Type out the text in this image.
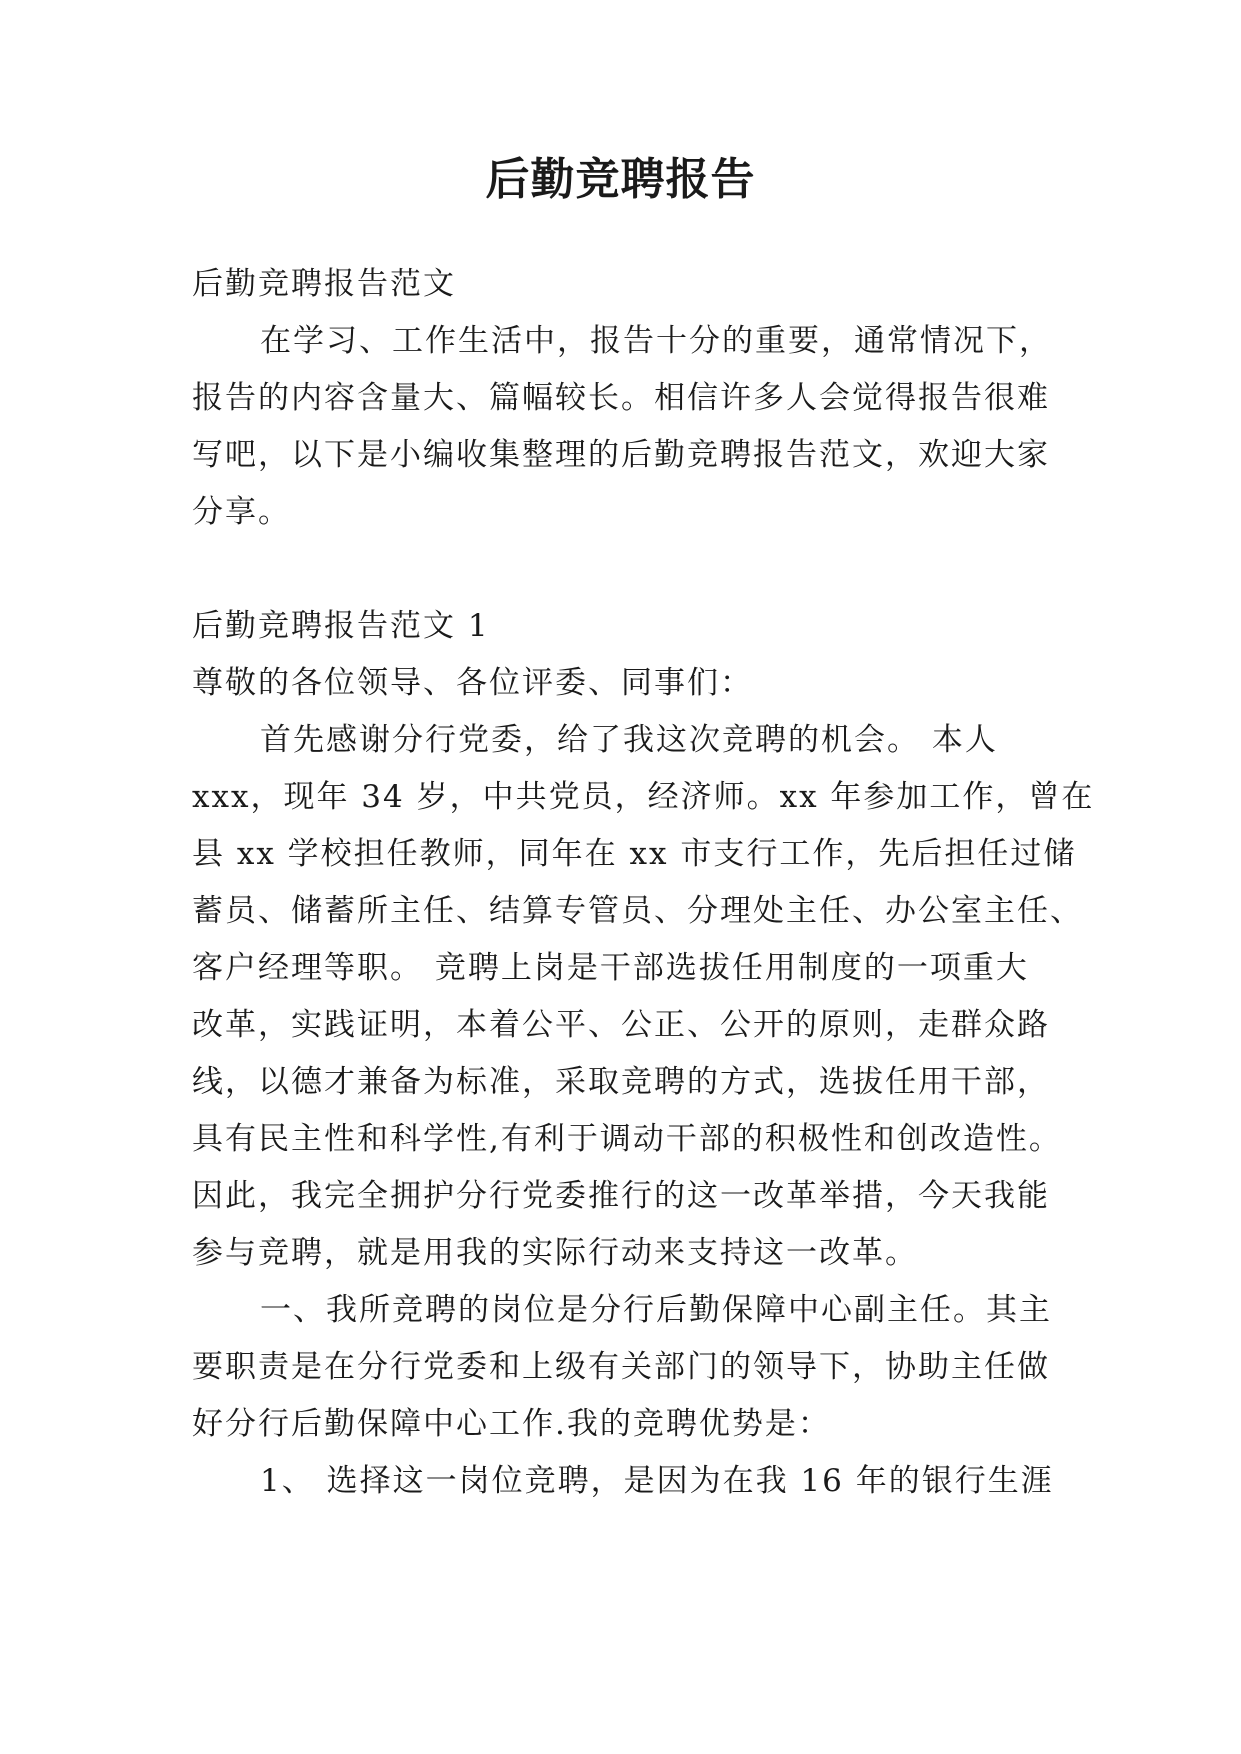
后勤竞聘报告
后勤竞聘报告范文
在学习、工作生活中，报告十分的重要，通常情况下，
报告的内容含量大、篇幅较长。相信许多人会觉得报告很难
写吧，以下是小编收集整理的后勤竞聘报告范文，欢迎大家
分享。
后勤竞聘报告范文 1
尊敬的各位领导、各位评委、同事们：
首先感谢分行党委，给了我这次竞聘的机会。 本人
xxx，现年 34 岁，中共党员，经济师。xx 年参加工作，曾在
县 xx 学校担任教师，同年在 xx 市支行工作，先后担任过储
蓄员、储蓄所主任、结算专管员、分理处主任、办公室主任、
客户经理等职。 竞聘上岗是干部选拔任用制度的一项重大
改革，实践证明，本着公平、公正、公开的原则，走群众路
线，以德才兼备为标准，采取竞聘的方式，选拔任用干部，
具有民主性和科学性,有利于调动干部的积极性和创改造性。
因此，我完全拥护分行党委推行的这一改革举措，今天我能
参与竞聘，就是用我的实际行动来支持这一改革。
一、我所竞聘的岗位是分行后勤保障中心副主任。其主
要职责是在分行党委和上级有关部门的领导下，协助主任做
好分行后勤保障中心工作.我的竞聘优势是：
1、 选择这一岗位竞聘，是因为在我 16 年的银行生涯
